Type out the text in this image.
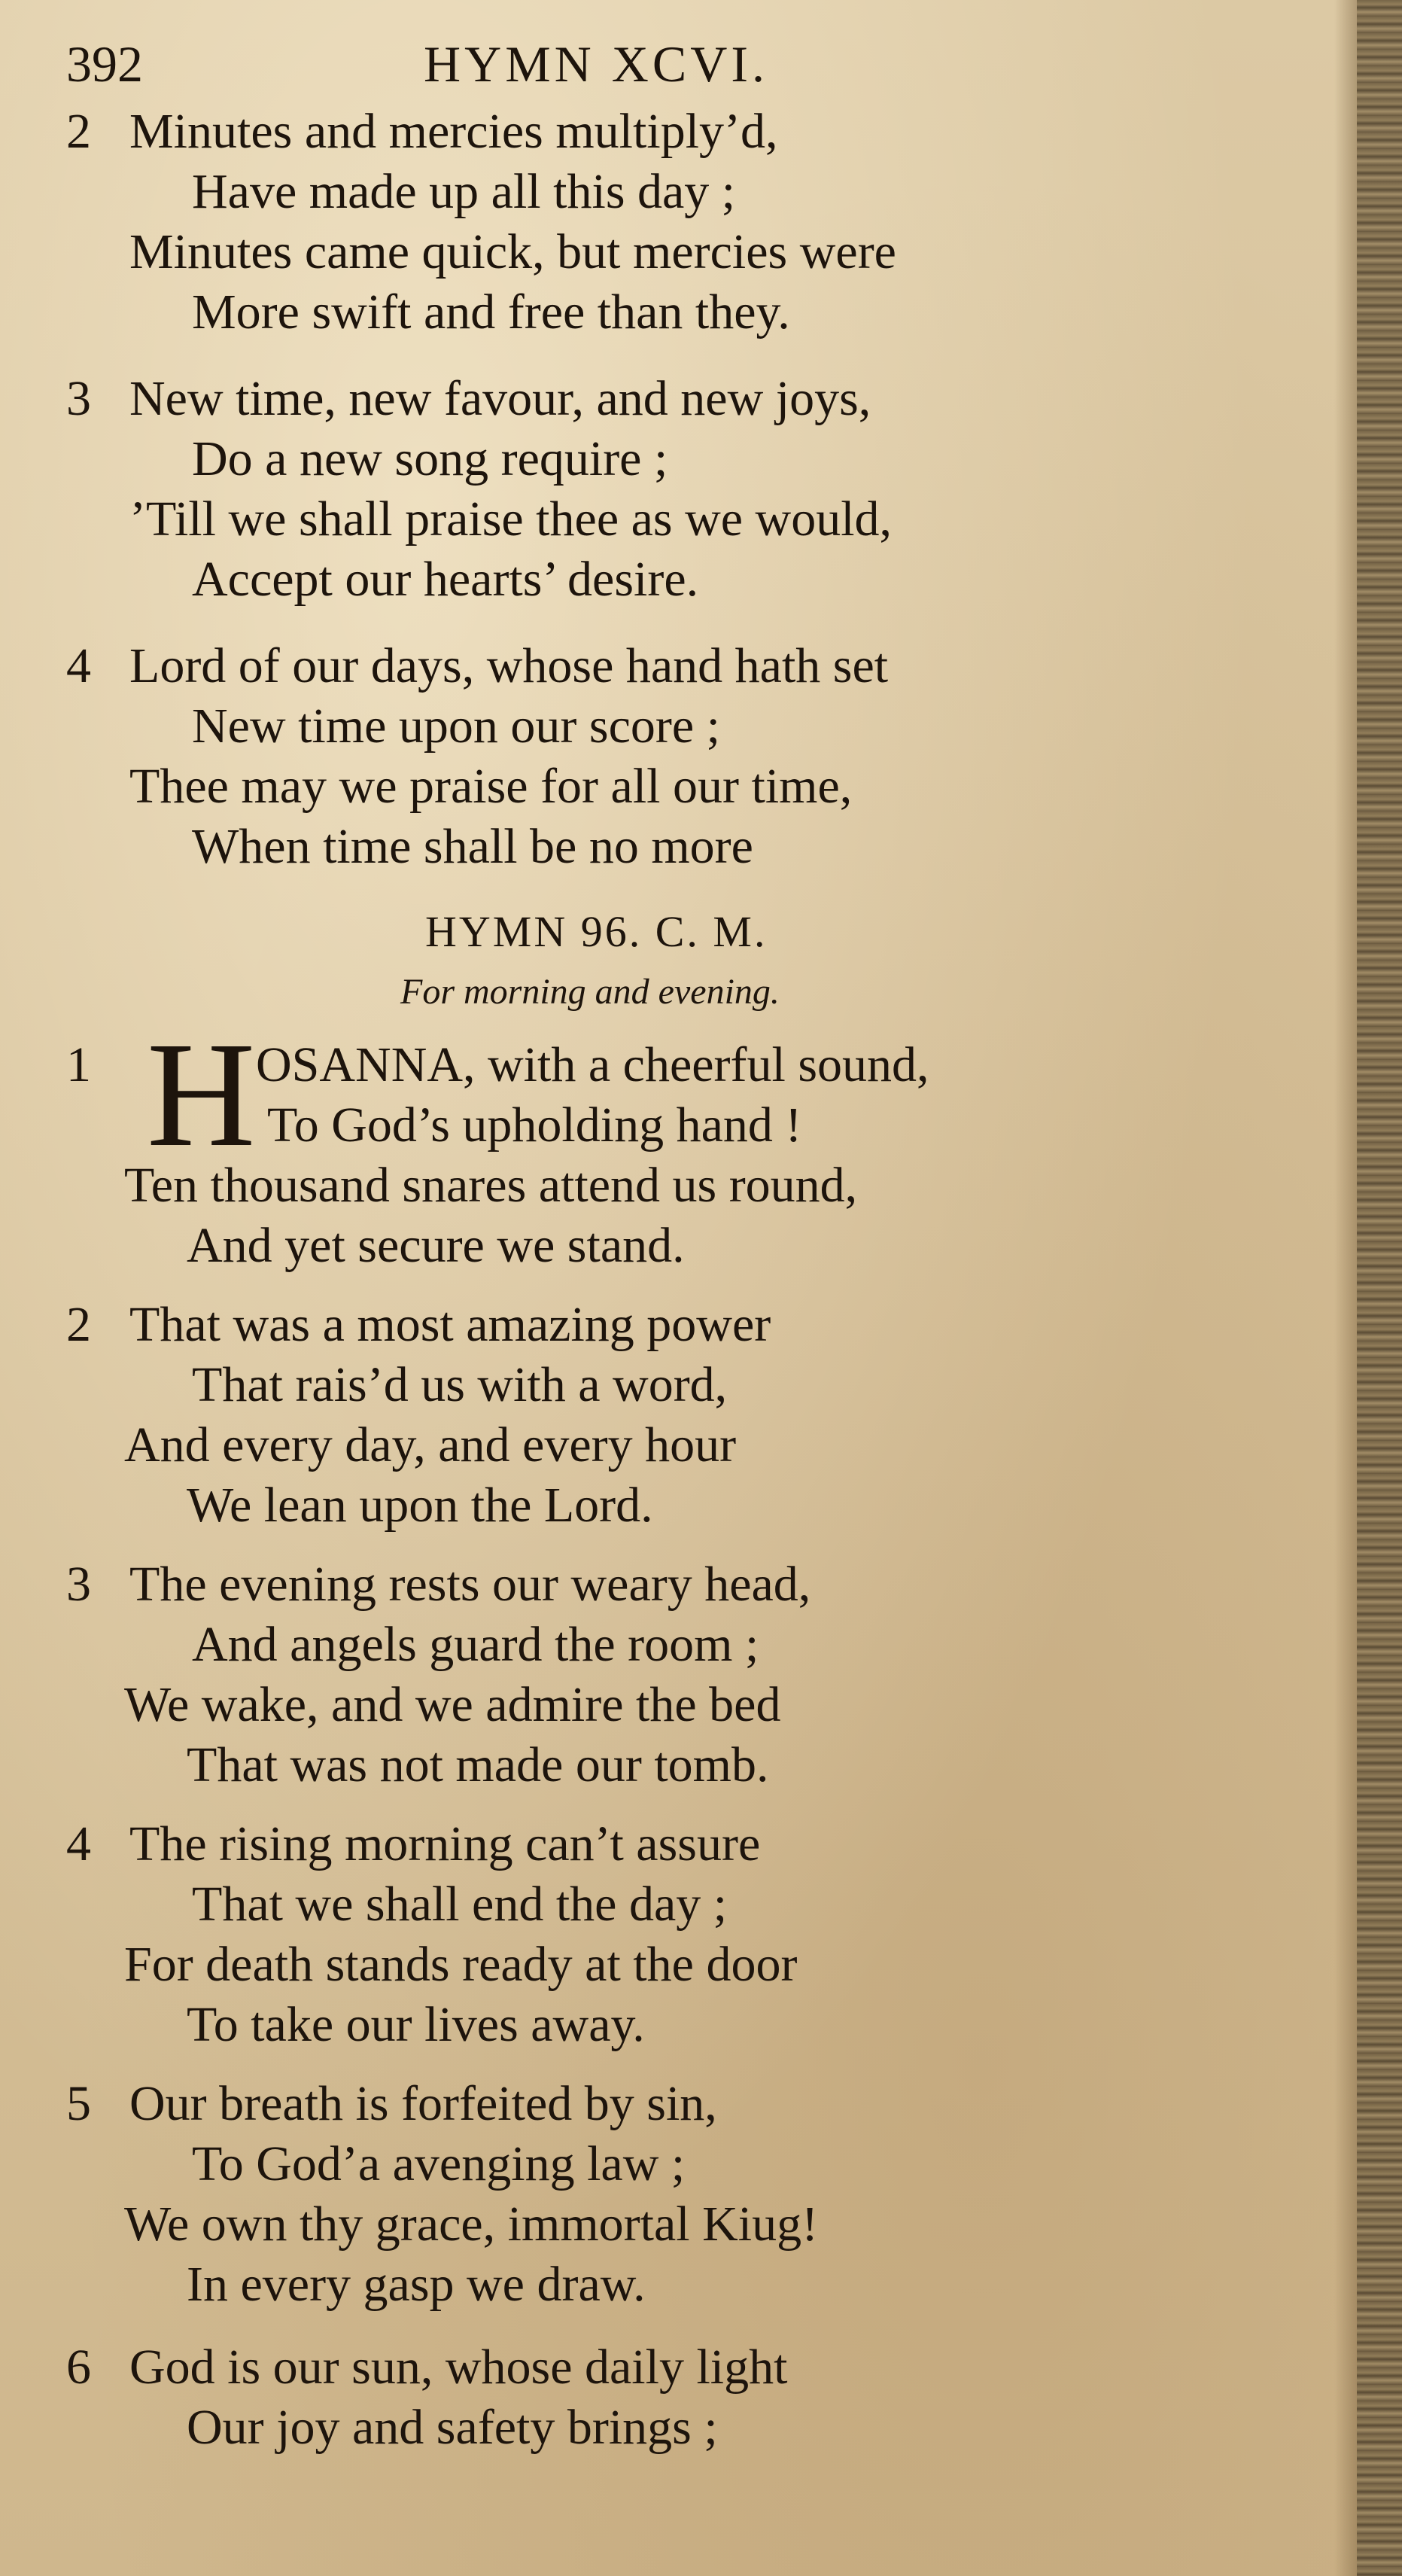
392	HYMN XCVI.
2 Minutes and mercies multiply’d,
Have made up all this day ;
Minutes came quick, but mercies were
More swift and free than they.
3 New time, new favour, and new joys,
Do a new song require ;
’Till we shall praise thee as we would,
Accept our hearts’ desire.
4 Lord of our days, whose hand hath set
New time upon our score ;
Thee may we praise for all our time,
When time shall be no more
HYMN 96. C. M.
For morning and evening.
1 H OSANNA, with a cheerful sound,
To God’s upholding hand !
Ten thousand snares attend us round,
And yet secure we stand.
2 That was a most amazing power
That rais’d us with a word,
And every day, and every hour
We lean upon the Lord.
3 The evening rests our weary head,
And angels guard the room ;
We wake, and we admire the bed
That was not made our tomb.
4 The rising morning can’t assure
That we shall end the day ;
For death stands ready at the door
To take our lives away.
5 Our breath is forfeited by sin,
To God’a avenging law ;
We own thy grace, immortal Kiug!
In every gasp we draw.
6 God is our sun, whose daily light
Our joy and safety brings ;
